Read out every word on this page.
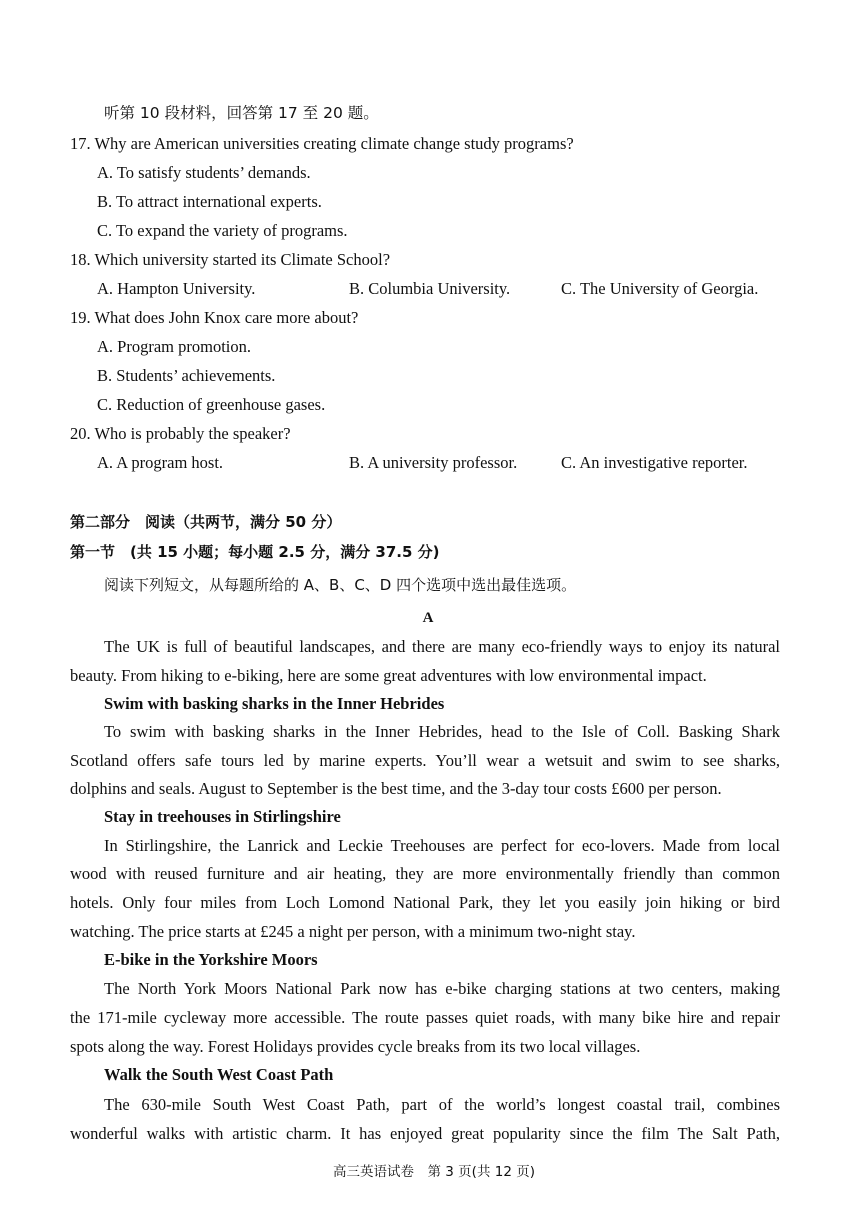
听第 10 段材料，回答第 17 至 20 题。
17. Why are American universities creating climate change study programs?
A. To satisfy students’ demands.
B. To attract international experts.
C. To expand the variety of programs.
18. Which university started its Climate School?
A. Hampton University.	B. Columbia University.	C. The University of Georgia.
19. What does John Knox care more about?
A. Program promotion.
B. Students’ achievements.
C. Reduction of greenhouse gases.
20. Who is probably the speaker?
A. A program host.	B. A university professor.	C. An investigative reporter.
第二部分　阅读（共两节，满分 50 分）
第一节　(共 15 小题；每小题 2.5 分，满分 37.5 分)
阅读下列短文，从每题所给的 A、B、C、D 四个选项中选出最佳选项。
A
The UK is full of beautiful landscapes, and there are many eco-friendly ways to enjoy its natural
beauty. From hiking to e-biking, here are some great adventures with low environmental impact.
Swim with basking sharks in the Inner Hebrides
To swim with basking sharks in the Inner Hebrides, head to the Isle of Coll. Basking Shark
Scotland offers safe tours led by marine experts. You’ll wear a wetsuit and swim to see sharks,
dolphins and seals. August to September is the best time, and the 3-day tour costs £600 per person.
Stay in treehouses in Stirlingshire
In Stirlingshire, the Lanrick and Leckie Treehouses are perfect for eco-lovers. Made from local
wood with reused furniture and air heating, they are more environmentally friendly than common
hotels. Only four miles from Loch Lomond National Park, they let you easily join hiking or bird
watching. The price starts at £245 a night per person, with a minimum two-night stay.
E-bike in the Yorkshire Moors
The North York Moors National Park now has e-bike charging stations at two centers, making
the 171-mile cycleway more accessible. The route passes quiet roads, with many bike hire and repair
spots along the way. Forest Holidays provides cycle breaks from its two local villages.
Walk the South West Coast Path
The 630-mile South West Coast Path, part of the world’s longest coastal trail, combines
wonderful walks with artistic charm. It has enjoyed great popularity since the film The Salt Path,
高三英语试卷　第 3 页(共 12 页)
